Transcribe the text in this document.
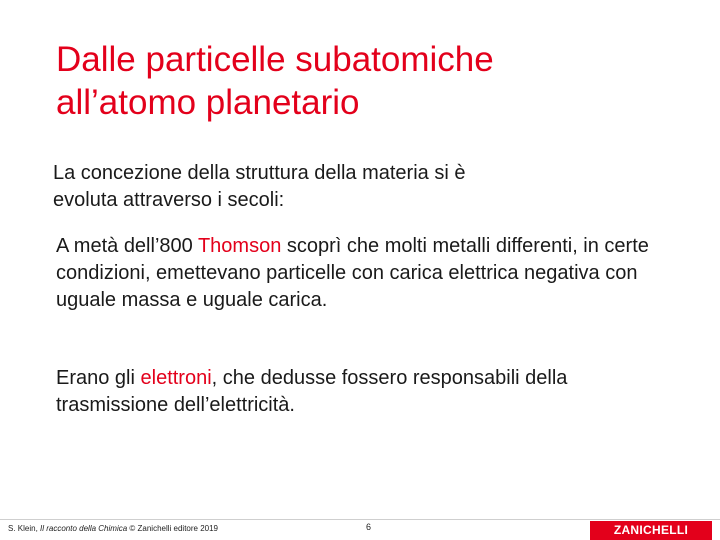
Dalle particelle subatomiche
all’atomo planetario

La concezione della struttura della materia si è
evoluta attraverso i secoli:

A metà dell’800 Thomson scoprì che molti metalli differenti, in certe condizioni, emettevano particelle con carica elettrica negativa con uguale massa e uguale carica.

Erano gli elettroni, che dedusse fossero responsabili della trasmissione dell’elettricità.

S. Klein, Il racconto della Chimica © Zanichelli editore 2019	6	ZANICHELLI
